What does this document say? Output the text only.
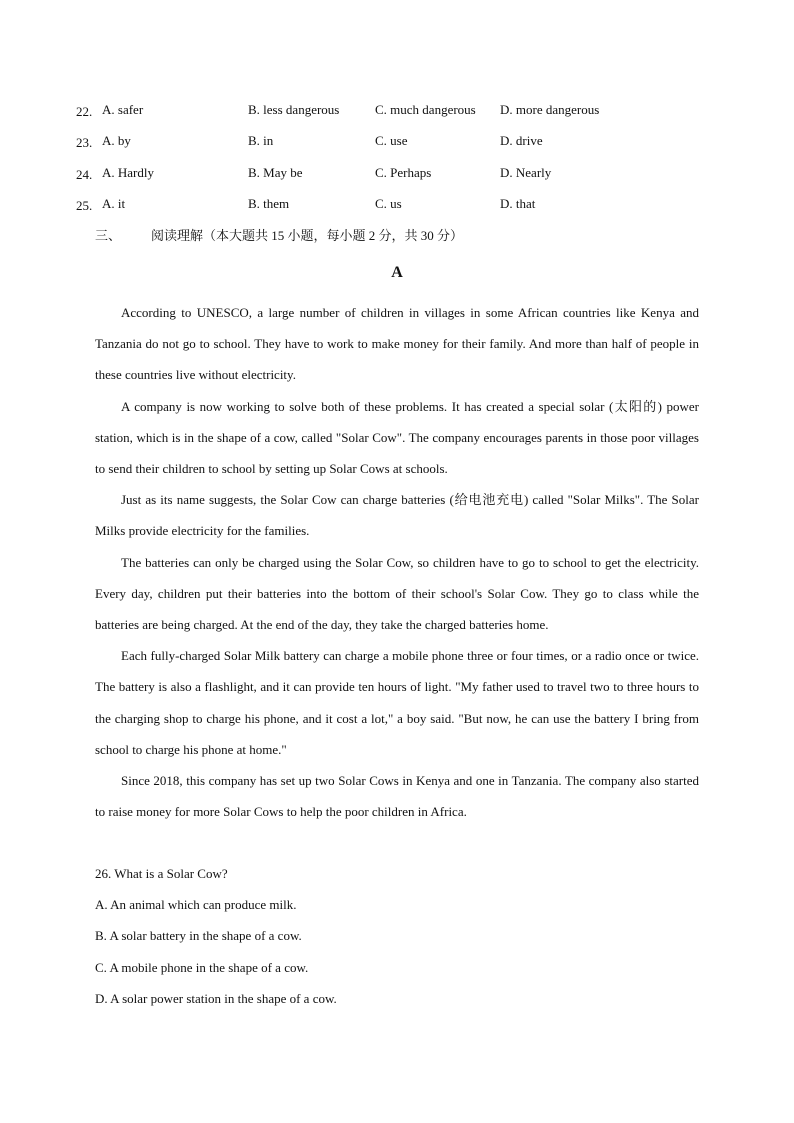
22. A. safer	B. less dangerous	C. much dangerous D. more dangerous
23. A. by	B. in	C. use	D. drive
24. A. Hardly	B. May be	C. Perhaps	D. Nearly
25. A. it	B. them	C. us	D. that
三、 阅读理解（本大题共 15 小题，每小题 2 分，共 30 分）
A

According to UNESCO, a large number of children in villages in some African countries like Kenya and Tanzania do not go to school. They have to work to make money for their family. And more than half of people in these countries live without electricity.

A company is now working to solve both of these problems. It has created a special solar (太阳的) power station, which is in the shape of a cow, called "Solar Cow". The company encourages parents in those poor villages to send their children to school by setting up Solar Cows at schools.

Just as its name suggests, the Solar Cow can charge batteries (给电池充电) called "Solar Milks". The Solar Milks provide electricity for the families.

The batteries can only be charged using the Solar Cow, so children have to go to school to get the electricity. Every day, children put their batteries into the bottom of their school's Solar Cow. They go to class while the batteries are being charged. At the end of the day, they take the charged batteries home.

Each fully-charged Solar Milk battery can charge a mobile phone three or four times, or a radio once or twice. The battery is also a flashlight, and it can provide ten hours of light. "My father used to travel two to three hours to the charging shop to charge his phone, and it cost a lot," a boy said. "But now, he can use the battery I bring from school to charge his phone at home."

Since 2018, this company has set up two Solar Cows in Kenya and one in Tanzania. The company also started to raise money for more Solar Cows to help the poor children in Africa.

26. What is a Solar Cow?

A. An animal which can produce milk.

B. A solar battery in the shape of a cow.

C. A mobile phone in the shape of a cow.

D. A solar power station in the shape of a cow.
